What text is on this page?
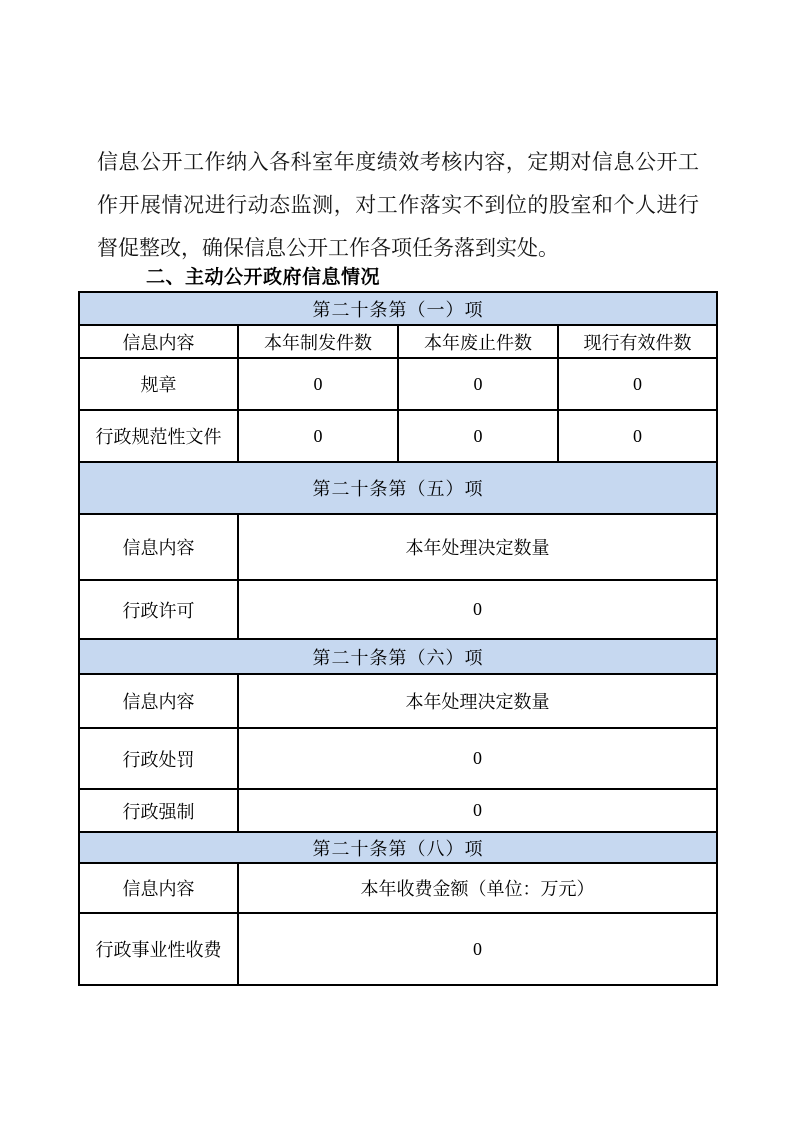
信息公开工作纳入各科室年度绩效考核内容，定期对信息公开工作开展情况进行动态监测，对工作落实不到位的股室和个人进行督促整改，确保信息公开工作各项任务落到实处。
二、主动公开政府信息情况
第二十条第（一）项			
信息内容	本年制发件数	本年废止件数	现行有效件数
规章	0	0	0
行政规范性文件	0	0	0
第二十条第（五）项			
信息内容	本年处理决定数量		
行政许可	0		
第二十条第（六）项			
信息内容	本年处理决定数量		
行政处罚	0		
行政强制	0		
第二十条第（八）项			
信息内容	本年收费金额（单位：万元）		
行政事业性收费	0		
